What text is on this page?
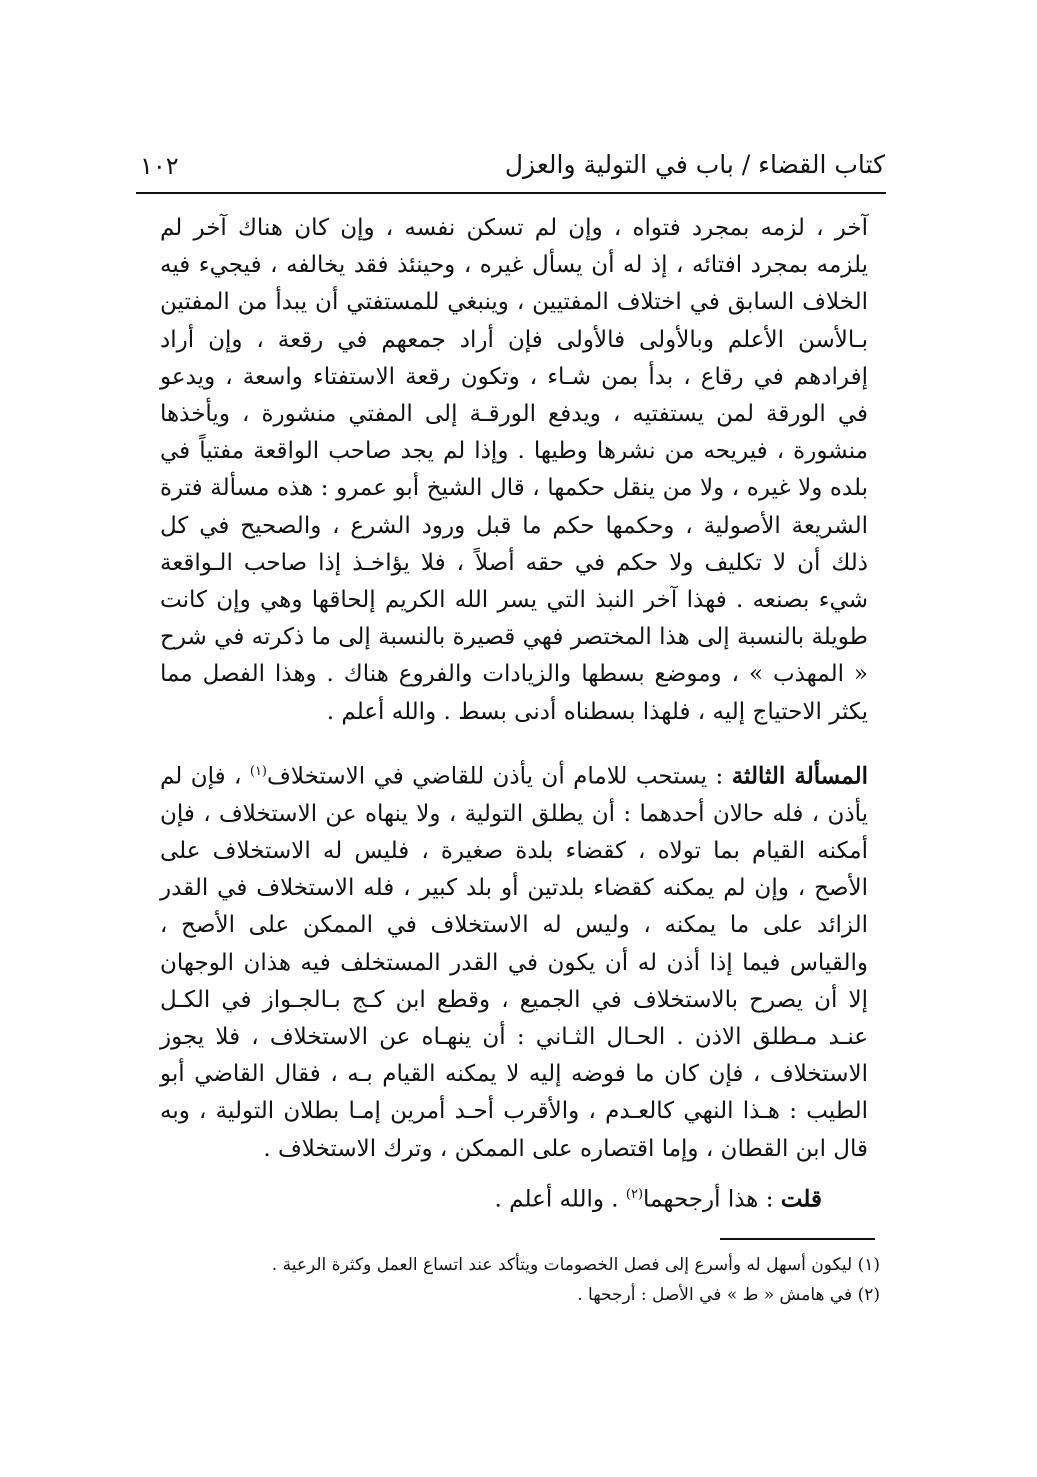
كتاب القضاء / باب في التولية والعزل
١٠٢

آخر ، لزمه بمجرد فتواه ، وإن لم تسكن نفسه ، وإن كان هناك آخر لم يلزمه بمجرد افتائه ، إذ له أن يسأل غيره ، وحينئذ فقد يخالفه ، فيجيء فيه الخلاف السابق في اختلاف المفتيين ، وينبغي للمستفتي أن يبدأ من المفتين بـالأسن الأعلم وبالأولى فالأولى فإن أراد جمعهم في رقعة ، وإن أراد إفرادهم في رقاع ، بدأ بمن شـاء ، وتكون رقعة الاستفتاء واسعة ، ويدعو في الورقة لمن يستفتيه ، ويدفع الورقـة إلى المفتي منشورة ، ويأخذها منشورة ، فيريحه من نشرها وطيها . وإذا لم يجد صاحب الواقعة مفتياً في بلده ولا غيره ، ولا من ينقل حكمها ، قال الشيخ أبو عمرو : هذه مسألة فترة الشريعة الأصولية ، وحكمها حكم ما قبل ورود الشرع ، والصحيح في كل ذلك أن لا تكليف ولا حكم في حقه أصلاً ، فلا يؤاخـذ إذا صاحب الـواقعة شيء بصنعه . فهذا آخر النبذ التي يسر الله الكريم إلحاقها وهي وإن كانت طويلة بالنسبة إلى هذا المختصر فهي قصيرة بالنسبة إلى ما ذكرته في شرح « المهذب » ، وموضع بسطها والزيادات والفروع هناك . وهذا الفصل مما يكثر الاحتياج إليه ، فلهذا بسطناه أدنى بسط . والله أعلم .

المسألة الثالثة : يستحب للامام أن يأذن للقاضي في الاستخلاف$^{(١)}$ ، فإن لم يأذن ، فله حالان أحدهما : أن يطلق التولية ، ولا ينهاه عن الاستخلاف ، فإن أمكنه القيام بما تولاه ، كقضاء بلدة صغيرة ، فليس له الاستخلاف على الأصح ، وإن لم يمكنه كقضاء بلدتين أو بلد كبير ، فله الاستخلاف في القدر الزائد على ما يمكنه ، وليس له الاستخلاف في الممكن على الأصح ، والقياس فيما إذا أذن له أن يكون في القدر المستخلف فيه هذان الوجهان إلا أن يصرح بالاستخلاف في الجميع ، وقطع ابن كـج بـالجـواز في الكـل عنـد مـطلق الاذن . الحـال الثـاني : أن ينهـاه عن الاستخلاف ، فلا يجوز الاستخلاف ، فإن كان ما فوضه إليه لا يمكنه القيام بـه ، فقال القاضي أبو الطيب : هـذا النهي كالعـدم ، والأقرب أحـد أمرين إمـا بطلان التولية ، وبه قال ابن القطان ، وإما اقتصاره على الممكن ، وترك الاستخلاف .

قلت : هذا أرجحهما$^{(٢)}$ . والله أعلم .

(١) ليكون أسهل له وأسرع إلى فصل الخصومات ويتأكد عند اتساع العمل وكثرة الرعية .

(٢) في هامش « ط » في الأصل : أرجحها .
